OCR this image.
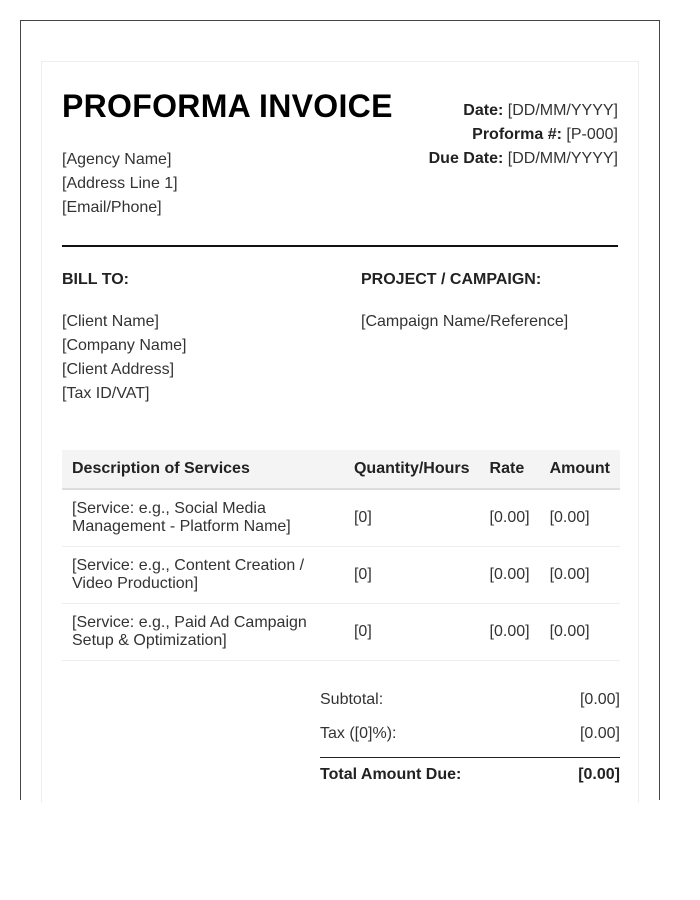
PROFORMA INVOICE
[Agency Name]
[Address Line 1]
[Email/Phone]
Date: [DD/MM/YYYY]
Proforma #: [P-000]
Due Date: [DD/MM/YYYY]
BILL TO:
[Client Name]
[Company Name]
[Client Address]
[Tax ID/VAT]
PROJECT / CAMPAIGN:
[Campaign Name/Reference]
Description of Services	Quantity/Hours	Rate	Amount
[Service: e.g., Social Media Management - Platform Name]	[0]	[0.00]	[0.00]
[Service: e.g., Content Creation / Video Production]	[0]	[0.00]	[0.00]
[Service: e.g., Paid Ad Campaign Setup & Optimization]	[0]	[0.00]	[0.00]
Subtotal:	[0.00]
Tax ([0]%):	[0.00]
Total Amount Due:	[0.00]
